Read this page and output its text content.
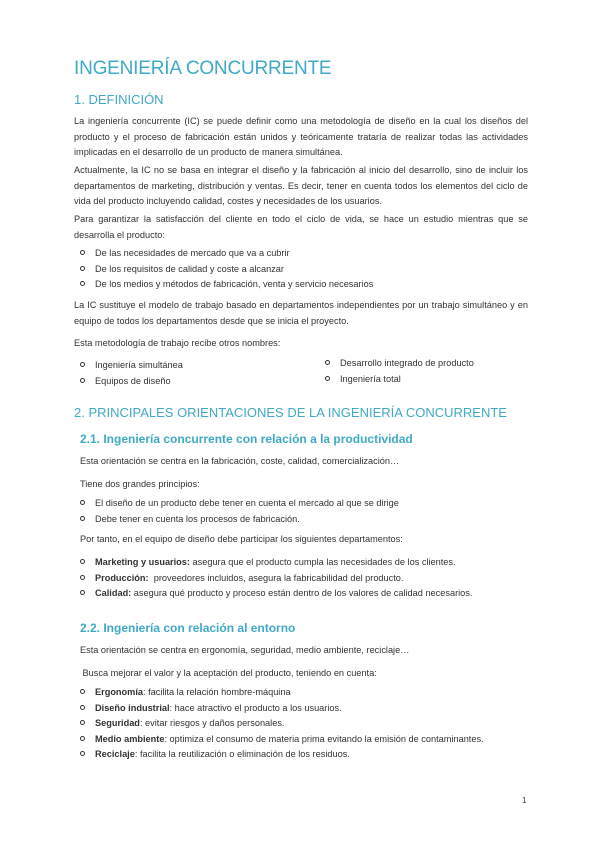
INGENIERÍA CONCURRENTE
1. DEFINICIÓN

La ingeniería concurrente (IC) se puede definir como una metodología de diseño en la cual los diseños del producto y el proceso de fabricación están unidos y teóricamente trataría de realizar todas las actividades implicadas en el desarrollo de un producto de manera simultánea.

Actualmente, la IC no se basa en integrar el diseño y la fabricación al inicio del desarrollo, sino de incluir los departamentos de marketing, distribución y ventas. Es decir, tener en cuenta todos los elementos del ciclo de vida del producto incluyendo calidad, costes y necesidades de los usuarios.

Para garantizar la satisfacción del cliente en todo el ciclo de vida, se hace un estudio mientras que se desarrolla el producto:

De las necesidades de mercado que va a cubrir
De los requisitos de calidad y coste a alcanzar
De los medios y métodos de fabricación, venta y servicio necesarios

La IC sustituye el modelo de trabajo basado en departamentos independientes por un trabajo simultáneo y en equipo de todos los departamentos desde que se inicia el proyecto.

Esta metodología de trabajo recibe otros nombres:

Ingeniería simultánea
Equipos de diseño
Desarrollo integrado de producto
Ingeniería total
2. PRINCIPALES ORIENTACIONES DE LA INGENIERÍA CONCURRENTE
2.1. Ingeniería concurrente con relación a la productividad

Esta orientación se centra en la fabricación, coste, calidad, comercialización…

Tiene dos grandes principios:

El diseño de un producto debe tener en cuenta el mercado al que se dirige
Debe tener en cuenta los procesos de fabricación.

Por tanto, en el equipo de diseño debe participar los siguientes departamentos:

Marketing y usuarios: asegura que el producto cumpla las necesidades de los clientes.
Producción:  proveedores incluidos, asegura la fabricabilidad del producto.
Calidad: asegura qué producto y proceso están dentro de los valores de calidad necesarios.
2.2. Ingeniería con relación al entorno

Esta orientación se centra en ergonomía, seguridad, medio ambiente, reciclaje…

Busca mejorar el valor y la aceptación del producto, teniendo en cuenta:

Ergonomía: facilita la relación hombre-máquina
Diseño industrial: hace atractivo el producto a los usuarios.
Seguridad: evitar riesgos y daños personales.
Medio ambiente: optimiza el consumo de materia prima evitando la emisión de contaminantes.
Reciclaje: facilita la reutilización o eliminación de los residuos.
1
